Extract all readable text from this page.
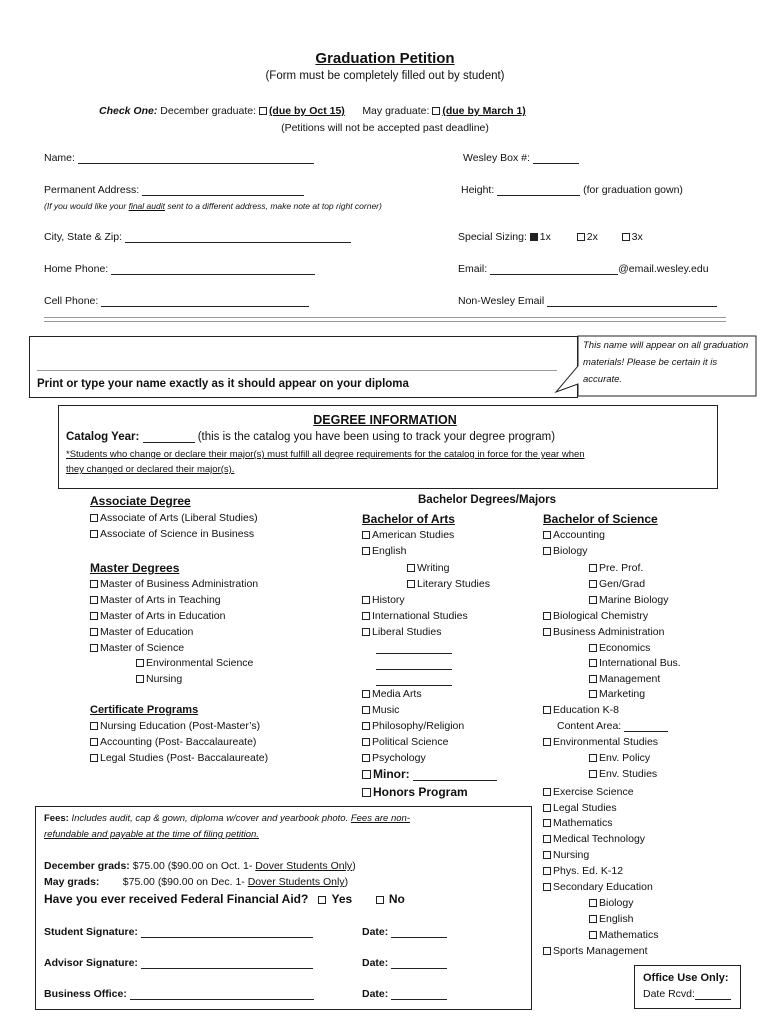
Graduation Petition
(Form must be completely filled out by student)
Check One: December graduate: (due by Oct 15) May graduate: (due by March 1)
(Petitions will not be accepted past deadline)
Name:	Wesley Box #:
Permanent Address:	Height:	(for graduation gown)
(If you would like your final audit sent to a different address, make note at top right corner)
City, State & Zip:	Special Sizing: 1x	2x	3x
Home Phone:	Email:	@email.wesley.edu
Cell Phone:	Non-Wesley Email
Print or type your name exactly as it should appear on your diploma
This name will appear on all graduation materials! Please be certain it is accurate.
DEGREE INFORMATION
Catalog Year:	(this is the catalog you have been using to track your degree program)
*Students who change or declare their major(s) must fulfill all degree requirements for the catalog in force for the year when
they changed or declared their major(s).
Associate Degree
Associate of Arts (Liberal Studies)
Associate of Science in Business
Master Degrees
Master of Business Administration
Master of Arts in Teaching
Master of Arts in Education
Master of Education
Master of Science
Environmental Science
Nursing
Certificate Programs
Nursing Education (Post-Master’s)
Accounting (Post- Baccalaureate)
Legal Studies (Post- Baccalaureate)
Bachelor Degrees/Majors
Bachelor of Arts
American Studies
English
Writing
Literary Studies
History
International Studies
Liberal Studies
Media Arts
Music
Philosophy/Religion
Political Science
Psychology
Minor:
Honors Program
Bachelor of Science
Accounting
Biology
Pre. Prof.
Gen/Grad
Marine Biology
Biological Chemistry
Business Administration
Economics
International Bus.
Management
Marketing
Education K-8
Content Area:
Environmental Studies
Env. Policy
Env. Studies
Exercise Science
Legal Studies
Mathematics
Medical Technology
Nursing
Phys. Ed. K-12
Secondary Education
Biology
English
Mathematics
Sports Management
Fees: Includes audit, cap & gown, diploma w/cover and yearbook photo. Fees are non-
refundable and payable at the time of filing petition.
December grads: $75.00 ($90.00 on Oct. 1- Dover Students Only)
May grads: $75.00 ($90.00 on Dec. 1- Dover Students Only)
Have you ever received Federal Financial Aid? Yes	No
Student Signature:	Date:
Advisor Signature:	Date:
Business Office:	Date:
Office Use Only:
Date Rcvd:
